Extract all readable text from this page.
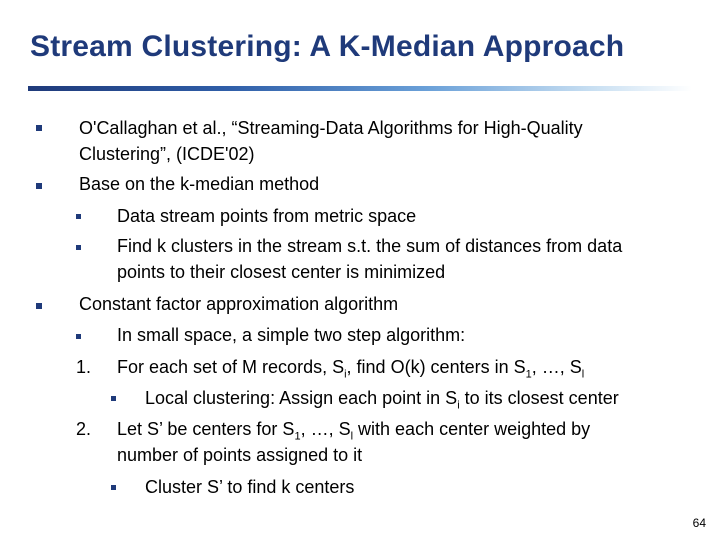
Stream Clustering: A K-Median Approach
O'Callaghan et al., “Streaming-Data Algorithms for High-Quality
Clustering”, (ICDE'02)
Base on the k-median method
Data stream points from metric space
Find k clusters in the stream s.t. the sum of distances from data
points to their closest center is minimized
Constant factor approximation algorithm
In small space, a simple two step algorithm:
1. For each set of M records, $S_i$, find O(k) centers in $S_1$, …, $S_l$
Local clustering: Assign each point in $S_i$ to its closest center
2. Let S’ be centers for $S_1$, …, $S_l$ with each center weighted by
number of points assigned to it
Cluster S’ to find k centers
64
